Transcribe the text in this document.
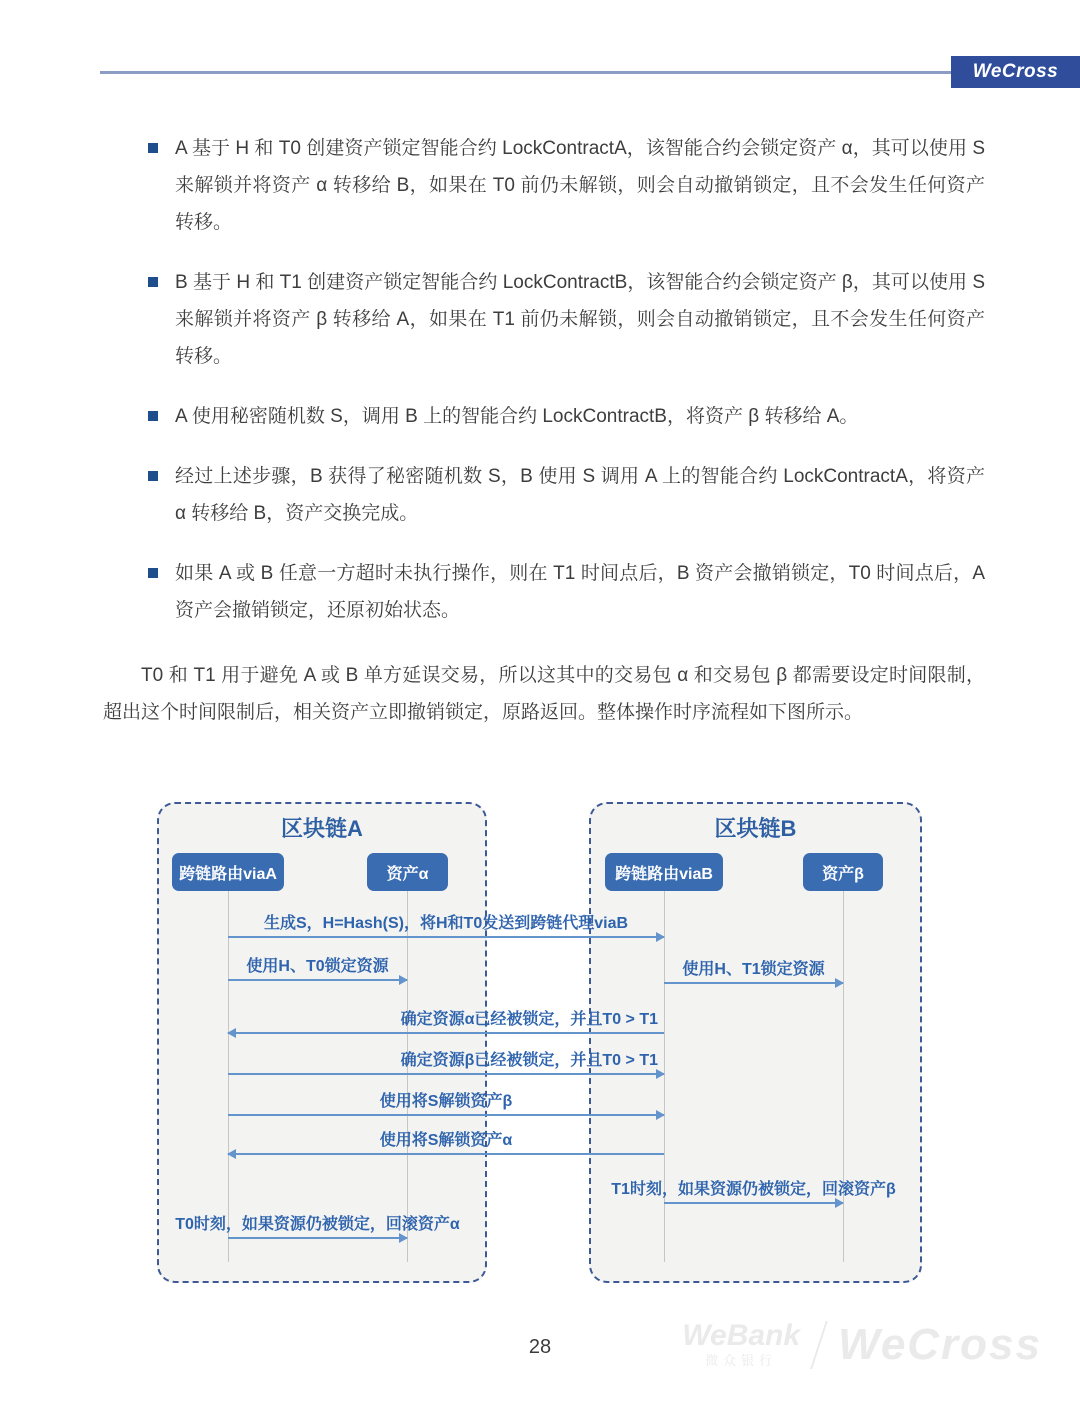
WeCross
A 基于 H 和 T0 创建资产锁定智能合约 LockContractA，该智能合约会锁定资产 α，其可以使用 S 来解锁并将资产 α 转移给 B，如果在 T0 前仍未解锁，则会自动撤销锁定，且不会发生任何资产转移。
B 基于 H 和 T1 创建资产锁定智能合约 LockContractB，该智能合约会锁定资产 β，其可以使用 S 来解锁并将资产 β 转移给 A，如果在 T1 前仍未解锁，则会自动撤销锁定，且不会发生任何资产转移。
A 使用秘密随机数 S，调用 B 上的智能合约 LockContractB，将资产 β 转移给 A。
经过上述步骤，B 获得了秘密随机数 S，B 使用 S 调用 A 上的智能合约 LockContractA，将资产 α 转移给 B，资产交换完成。
如果 A 或 B 任意一方超时未执行操作，则在 T1 时间点后，B 资产会撤销锁定，T0 时间点后，A 资产会撤销锁定，还原初始状态。
T0 和 T1 用于避免 A 或 B 单方延误交易，所以这其中的交易包 α 和交易包 β 都需要设定时间限制，超出这个时间限制后，相关资产立即撤销锁定，原路返回。整体操作时序流程如下图所示。
区块链A	区块链B
跨链路由viaA	资产α	跨链路由viaB	资产β
生成S，H=Hash(S)，将H和T0发送到跨链代理viaB
使用H、T0锁定资源	使用H、T1锁定资源
确定资源α已经被锁定，并且T0 > T1
确定资源β已经被锁定，并且T0 > T1
使用将S解锁资产β
使用将S解锁资产α
T1时刻，如果资源仍被锁定，回滚资产β
T0时刻，如果资源仍被锁定，回滚资产α
28	WeBank
微众银行	WeCross
